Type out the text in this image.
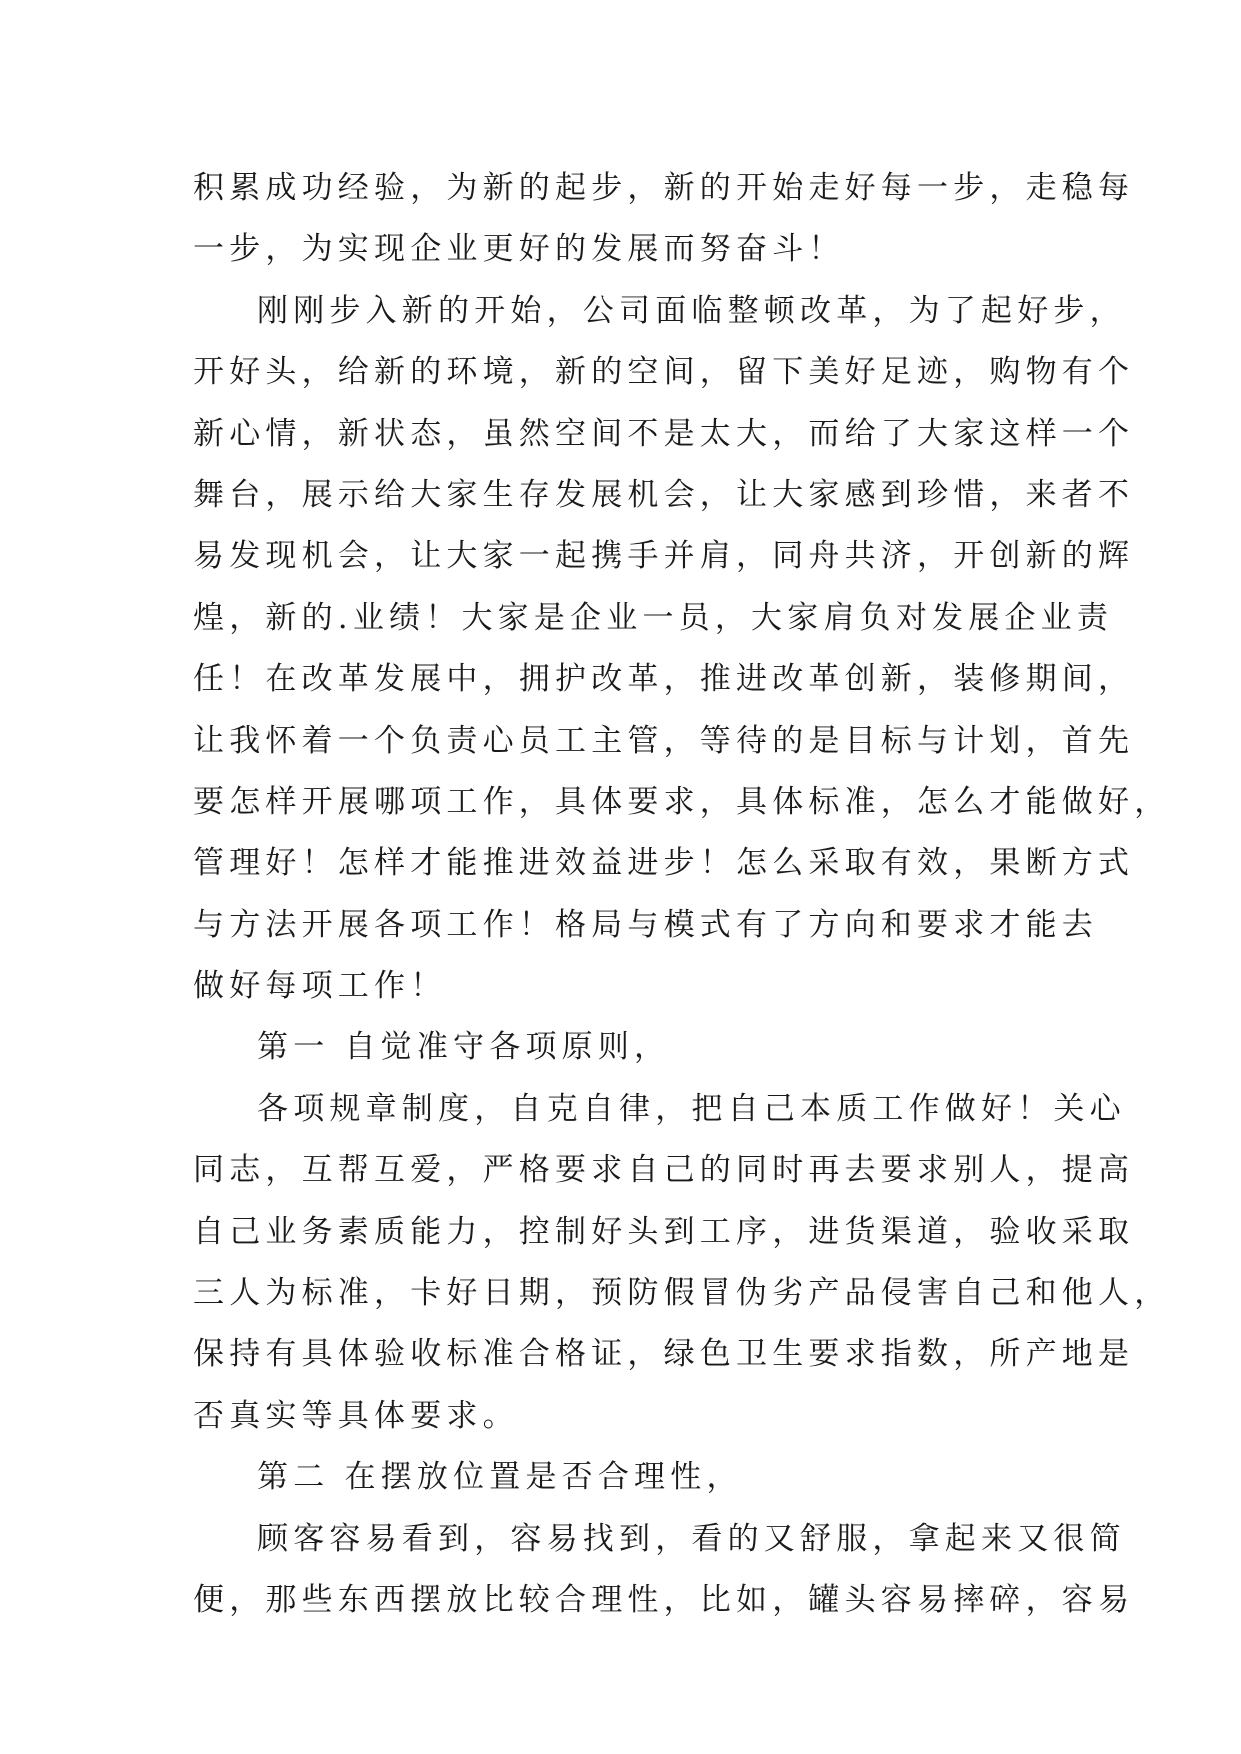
积累成功经验，为新的起步，新的开始走好每一步，走稳每
一步，为实现企业更好的发展而努奋斗！
刚刚步入新的开始，公司面临整顿改革，为了起好步，
开好头，给新的环境，新的空间，留下美好足迹，购物有个
新心情，新状态，虽然空间不是太大，而给了大家这样一个
舞台，展示给大家生存发展机会，让大家感到珍惜，来者不
易发现机会，让大家一起携手并肩，同舟共济，开创新的辉
煌，新的.业绩！大家是企业一员，大家肩负对发展企业责
任！在改革发展中，拥护改革，推进改革创新，装修期间，
让我怀着一个负责心员工主管，等待的是目标与计划，首先
要怎样开展哪项工作，具体要求，具体标准，怎么才能做好，
管理好！怎样才能推进效益进步！怎么采取有效，果断方式
与方法开展各项工作！格局与模式有了方向和要求才能去
做好每项工作！
第一 自觉准守各项原则，
各项规章制度，自克自律，把自己本质工作做好！关心
同志，互帮互爱，严格要求自己的同时再去要求别人，提高
自己业务素质能力，控制好头到工序，进货渠道，验收采取
三人为标准，卡好日期，预防假冒伪劣产品侵害自己和他人，
保持有具体验收标准合格证，绿色卫生要求指数，所产地是
否真实等具体要求。
第二 在摆放位置是否合理性，
顾客容易看到，容易找到，看的又舒服，拿起来又很简
便，那些东西摆放比较合理性，比如，罐头容易摔碎，容易
